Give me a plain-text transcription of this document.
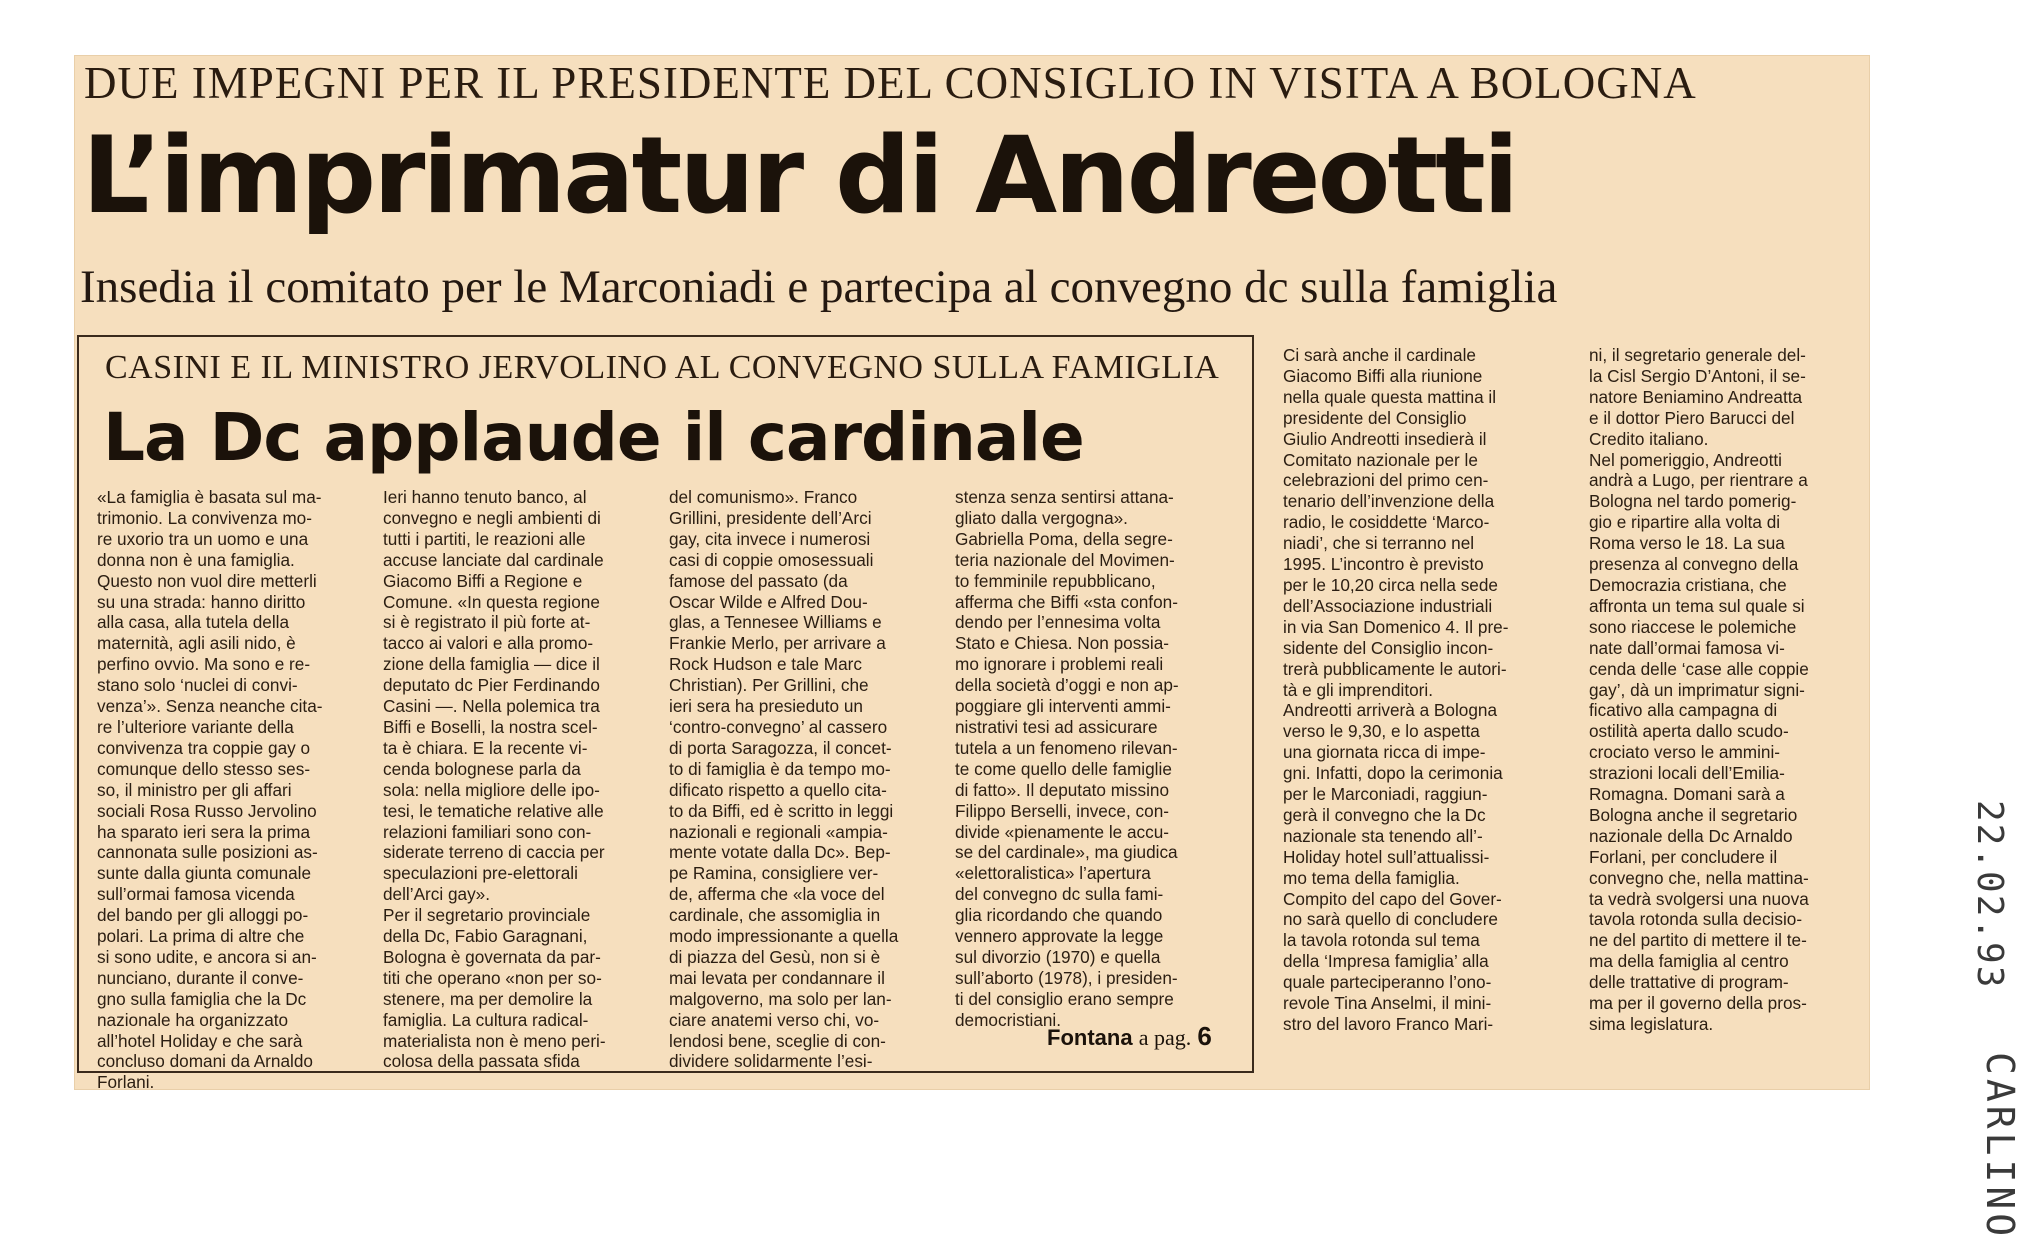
DUE IMPEGNI PER IL PRESIDENTE DEL CONSIGLIO IN VISITA A BOLOGNA
L’imprimatur di Andreotti
Insedia il comitato per le Marconiadi e partecipa al convegno dc sulla famiglia
CASINI E IL MINISTRO JERVOLINO AL CONVEGNO SULLA FAMIGLIA
La Dc applaude il cardinale
«La famiglia è basata sul ma-
trimonio. La convivenza mo-
re uxorio tra un uomo e una
donna non è una famiglia.
Questo non vuol dire metterli
su una strada: hanno diritto
alla casa, alla tutela della
maternità, agli asili nido, è
perfino ovvio. Ma sono e re-
stano solo ‘nuclei di convi-
venza’». Senza neanche cita-
re l’ulteriore variante della
convivenza tra coppie gay o
comunque dello stesso ses-
so, il ministro per gli affari
sociali Rosa Russo Jervolino
ha sparato ieri sera la prima
cannonata sulle posizioni as-
sunte dalla giunta comunale
sull’ormai famosa vicenda
del bando per gli alloggi po-
polari. La prima di altre che
si sono udite, e ancora si an-
nunciano, durante il conve-
gno sulla famiglia che la Dc
nazionale ha organizzato
all’hotel Holiday e che sarà
concluso domani da Arnaldo
Forlani.
Ieri hanno tenuto banco, al
convegno e negli ambienti di
tutti i partiti, le reazioni alle
accuse lanciate dal cardinale
Giacomo Biffi a Regione e
Comune. «In questa regione
si è registrato il più forte at-
tacco ai valori e alla promo-
zione della famiglia — dice il
deputato dc Pier Ferdinando
Casini —. Nella polemica tra
Biffi e Boselli, la nostra scel-
ta è chiara. E la recente vi-
cenda bolognese parla da
sola: nella migliore delle ipo-
tesi, le tematiche relative alle
relazioni familiari sono con-
siderate terreno di caccia per
speculazioni pre-elettorali
dell’Arci gay».
Per il segretario provinciale
della Dc, Fabio Garagnani,
Bologna è governata da par-
titi che operano «non per so-
stenere, ma per demolire la
famiglia. La cultura radical-
materialista non è meno peri-
colosa della passata sfida
del comunismo». Franco
Grillini, presidente dell’Arci
gay, cita invece i numerosi
casi di coppie omosessuali
famose del passato (da
Oscar Wilde e Alfred Dou-
glas, a Tennesee Williams e
Frankie Merlo, per arrivare a
Rock Hudson e tale Marc
Christian). Per Grillini, che
ieri sera ha presieduto un
‘contro-convegno’ al cassero
di porta Saragozza, il concet-
to di famiglia è da tempo mo-
dificato rispetto a quello cita-
to da Biffi, ed è scritto in leggi
nazionali e regionali «ampia-
mente votate dalla Dc». Bep-
pe Ramina, consigliere ver-
de, afferma che «la voce del
cardinale, che assomiglia in
modo impressionante a quella
di piazza del Gesù, non si è
mai levata per condannare il
malgoverno, ma solo per lan-
ciare anatemi verso chi, vo-
lendosi bene, sceglie di con-
dividere solidarmente l’esi-
stenza senza sentirsi attana-
gliato dalla vergogna».
Gabriella Poma, della segre-
teria nazionale del Movimen-
to femminile repubblicano,
afferma che Biffi «sta confon-
dendo per l’ennesima volta
Stato e Chiesa. Non possia-
mo ignorare i problemi reali
della società d’oggi e non ap-
poggiare gli interventi ammi-
nistrativi tesi ad assicurare
tutela a un fenomeno rilevan-
te come quello delle famiglie
di fatto». Il deputato missino
Filippo Berselli, invece, con-
divide «pienamente le accu-
se del cardinale», ma giudica
«elettoralistica» l’apertura
del convegno dc sulla fami-
glia ricordando che quando
vennero approvate la legge
sul divorzio (1970) e quella
sull’aborto (1978), i presiden-
ti del consiglio erano sempre
democristiani.
Fontana a pag. 6
Ci sarà anche il cardinale
Giacomo Biffi alla riunione
nella quale questa mattina il
presidente del Consiglio
Giulio Andreotti insedierà il
Comitato nazionale per le
celebrazioni del primo cen-
tenario dell’invenzione della
radio, le cosiddette ‘Marco-
niadi’, che si terranno nel
1995. L’incontro è previsto
per le 10,20 circa nella sede
dell’Associazione industriali
in via San Domenico 4. Il pre-
sidente del Consiglio incon-
trerà pubblicamente le autori-
tà e gli imprenditori.
Andreotti arriverà a Bologna
verso le 9,30, e lo aspetta
una giornata ricca di impe-
gni. Infatti, dopo la cerimonia
per le Marconiadi, raggiun-
gerà il convegno che la Dc
nazionale sta tenendo all’-
Holiday hotel sull’attualissi-
mo tema della famiglia.
Compito del capo del Gover-
no sarà quello di concludere
la tavola rotonda sul tema
della ‘Impresa famiglia’ alla
quale parteciperanno l’ono-
revole Tina Anselmi, il mini-
stro del lavoro Franco Mari-
ni, il segretario generale del-
la Cisl Sergio D’Antoni, il se-
natore Beniamino Andreatta
e il dottor Piero Barucci del
Credito italiano.
Nel pomeriggio, Andreotti
andrà a Lugo, per rientrare a
Bologna nel tardo pomerig-
gio e ripartire alla volta di
Roma verso le 18. La sua
presenza al convegno della
Democrazia cristiana, che
affronta un tema sul quale si
sono riaccese le polemiche
nate dall’ormai famosa vi-
cenda delle ‘case alle coppie
gay’, dà un imprimatur signi-
ficativo alla campagna di
ostilità aperta dallo scudo-
crociato verso le ammini-
strazioni locali dell’Emilia-
Romagna. Domani sarà a
Bologna anche il segretario
nazionale della Dc Arnaldo
Forlani, per concludere il
convegno che, nella mattina-
ta vedrà svolgersi una nuova
tavola rotonda sulla decisio-
ne del partito di mettere il te-
ma della famiglia al centro
delle trattative di program-
ma per il governo della pros-
sima legislatura.
22.02.93
CARLINO
